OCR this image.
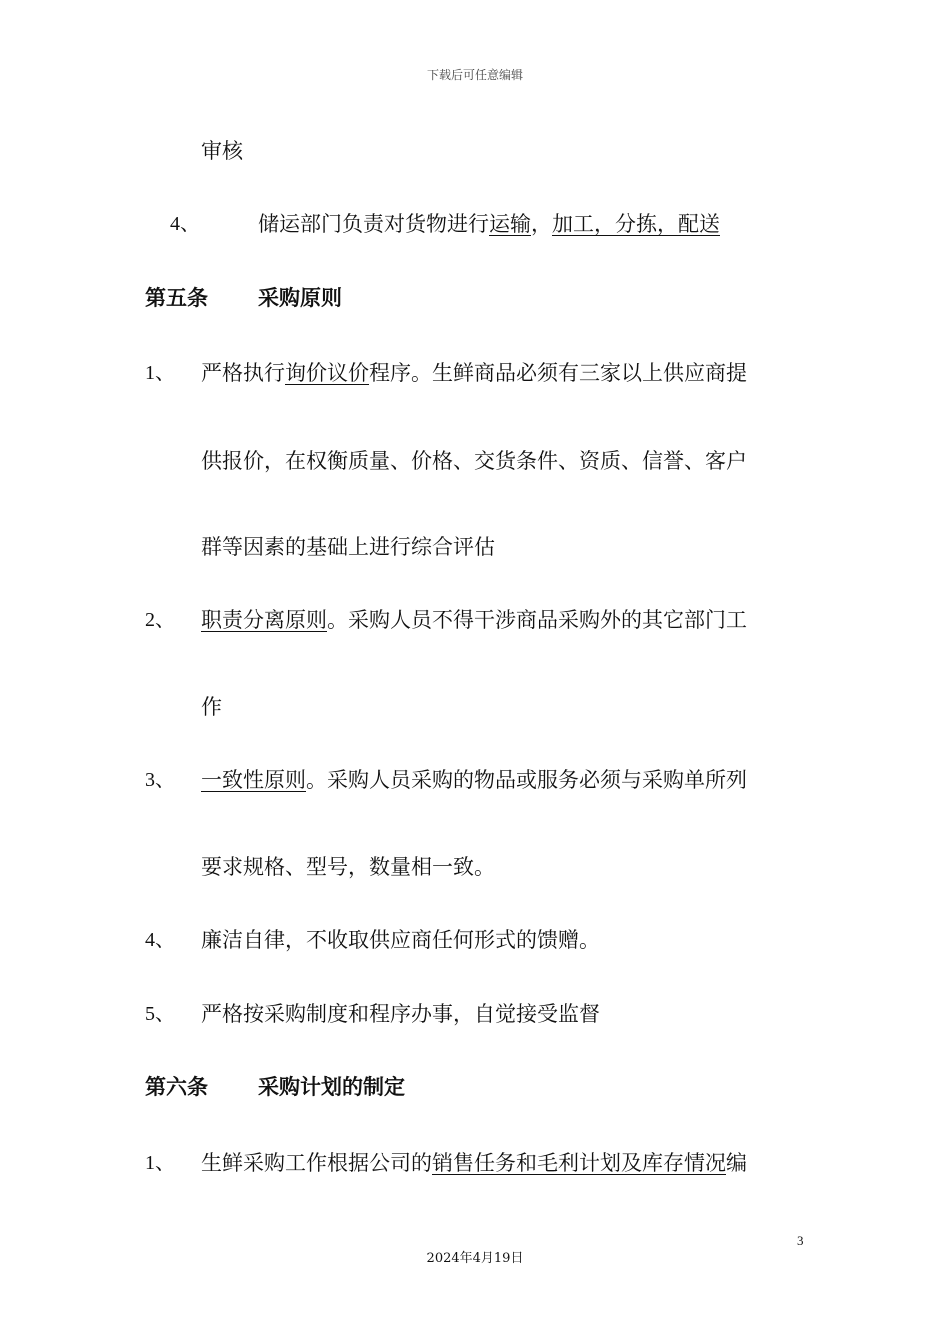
下载后可任意编辑
审核
4、	储运部门负责对货物进行运输，加工，分拣，配送
第五条 采购原则
1、 严格执行询价议价程序。生鲜商品必须有三家以上供应商提
供报价，在权衡质量、价格、交货条件、资质、信誉、客户
群等因素的基础上进行综合评估
2、 职责分离原则。采购人员不得干涉商品采购外的其它部门工
作
3、 一致性原则。采购人员采购的物品或服务必须与采购单所列
要求规格、型号，数量相一致。
4、 廉洁自律，不收取供应商任何形式的馈赠。
5、 严格按采购制度和程序办事，自觉接受监督
第六条 采购计划的制定
1、 生鲜采购工作根据公司的销售任务和毛利计划及库存情况编
3
2024年4月19日
